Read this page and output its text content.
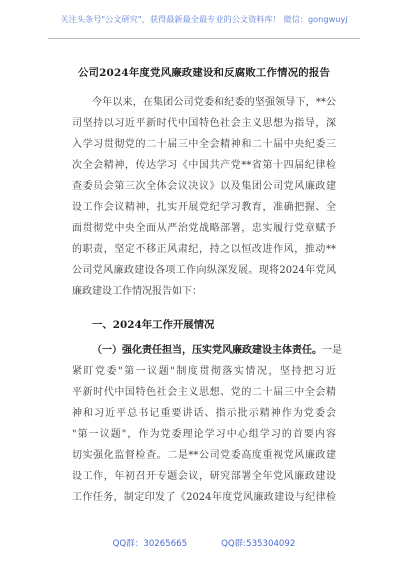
关注头条号"公文研究"，获得最新最全最专业的公文资料库！ 微信：gongwuyj
公司2024年度党风廉政建设和反腐败工作情况的报告
今年以来，在集团公司党委和纪委的坚强领导下，**公
司坚持以习近平新时代中国特色社会主义思想为指导，深
入学习贯彻党的二十届三中全会精神和二十届中央纪委三
次全会精神，传达学习《中国共产党**省第十四届纪律检
查委员会第三次全体会议决议》以及集团公司党风廉政建
设工作会议精神，扎实开展党纪学习教育，准确把握、全
面贯彻党中央全面从严治党战略部署，忠实履行党章赋予
的职责，坚定不移正风肃纪，持之以恒改进作风，推动**
公司党风廉政建设各项工作向纵深发展。现将2024年党风
廉政建设工作情况报告如下：
一、2024年工作开展情况
（一）强化责任担当，压实党风廉政建设主体责任。一是
紧盯党委"第一议题"制度贯彻落实情况，坚持把习近
平新时代中国特色社会主义思想、党的二十届三中全会精
神和习近平总书记重要讲话、指示批示精神作为党委会
"第一议题"，作为党委理论学习中心组学习的首要内容
切实强化监督检查。二是**公司党委高度重视党风廉政建
设工作，年初召开专题会议，研究部署全年党风廉政建设
工作任务，制定印发了《2024年度党风廉政建设与纪律检
QQ群：30265665	QQ群:535304092
